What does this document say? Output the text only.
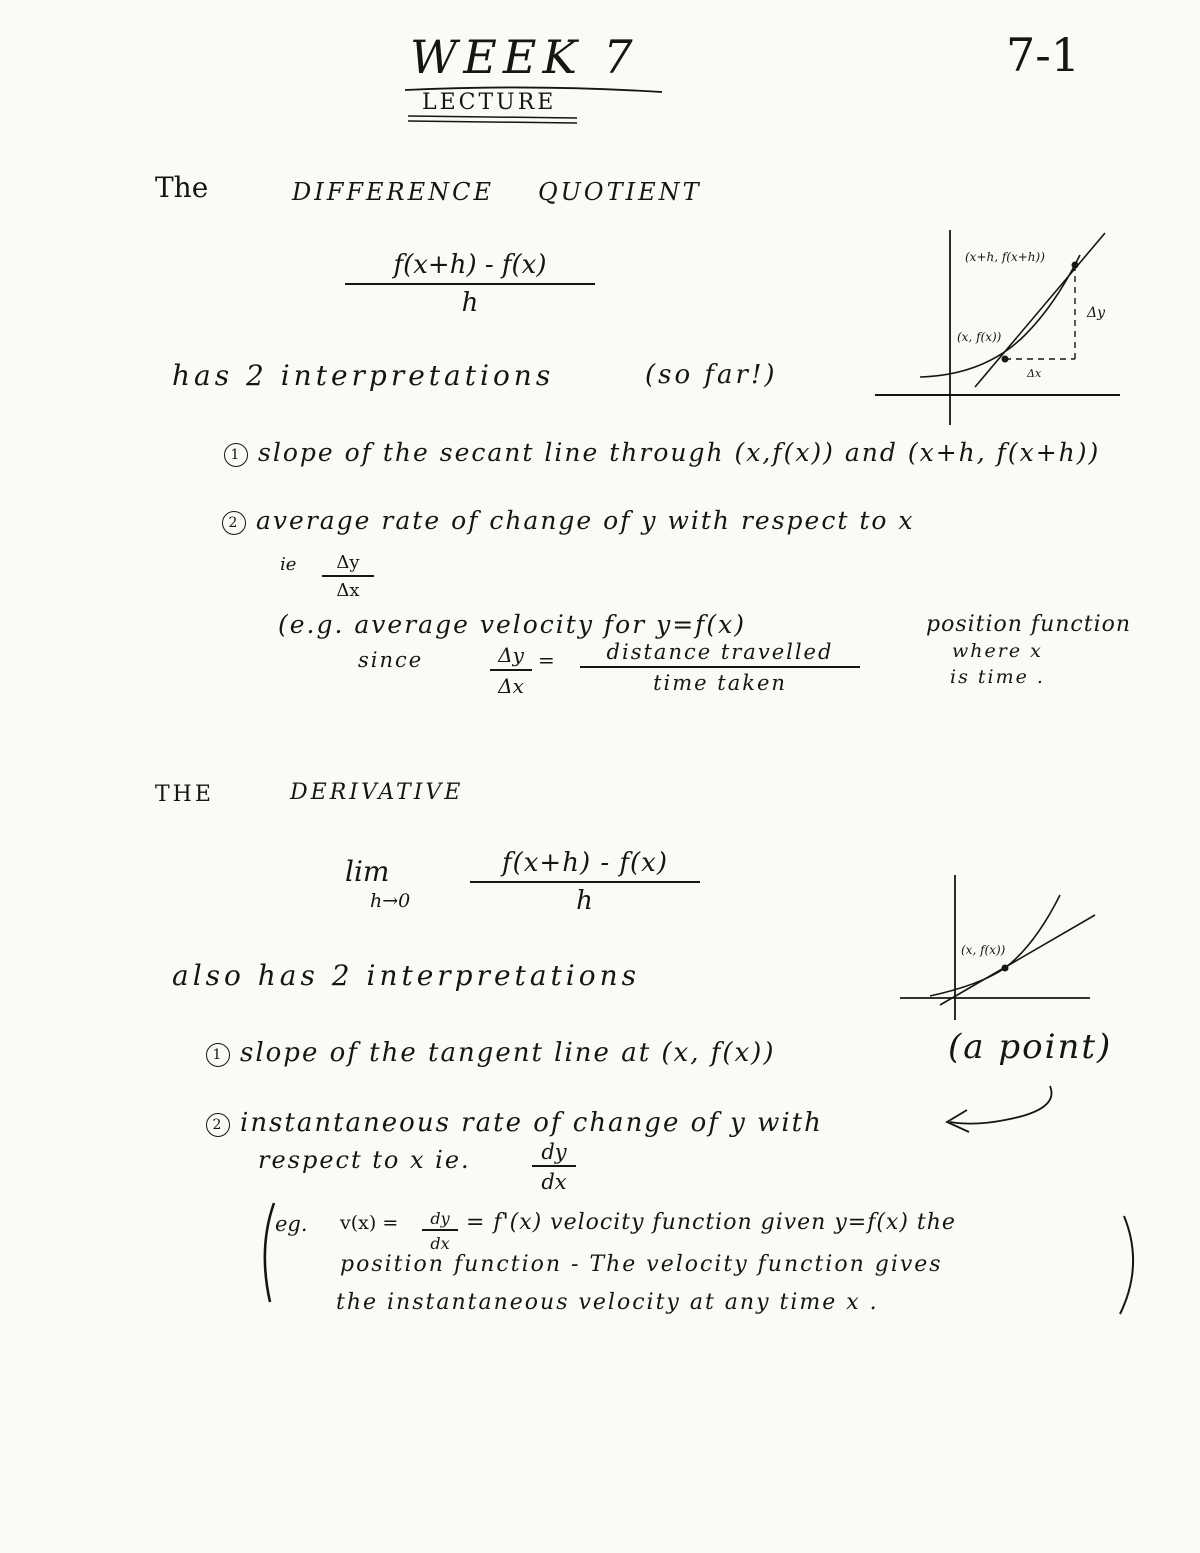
WEEK 7
LECTURE
7-1
The	DIFFERENCE QUOTIENT
$\frac{f(x+h) - f(x)}{h}$
has 2 interpretations	(so far!)
(x+h, f(x+h))
(x, f(x))
Δy
Δx
1 slope of the secant line through (x,f(x)) and (x+h, f(x+h))
2 average rate of change of y with respect to x
ie $\frac{\Delta y}{\Delta x}$
(e.g. average velocity for y=f(x)	position function
where x
is time .
since	$\frac{\Delta y}{\Delta x}$ =	distance travelled
time taken
THE	DERIVATIVE
lim
$h\to 0 \frac{f(x+h) - f(x)}{h}$
also has 2 interpretations
(x, f(x))
1 slope of the tangent line at (x, f(x))	(a point)
2 instantaneous rate of change of y with
respect to x ie.	$\frac{dy}{dx}$
eg. $v(x) = \frac{dy}{dx} = f'(x)$ velocity function given y=f(x) the
position function - The velocity function gives
the instantaneous velocity at any time x .
